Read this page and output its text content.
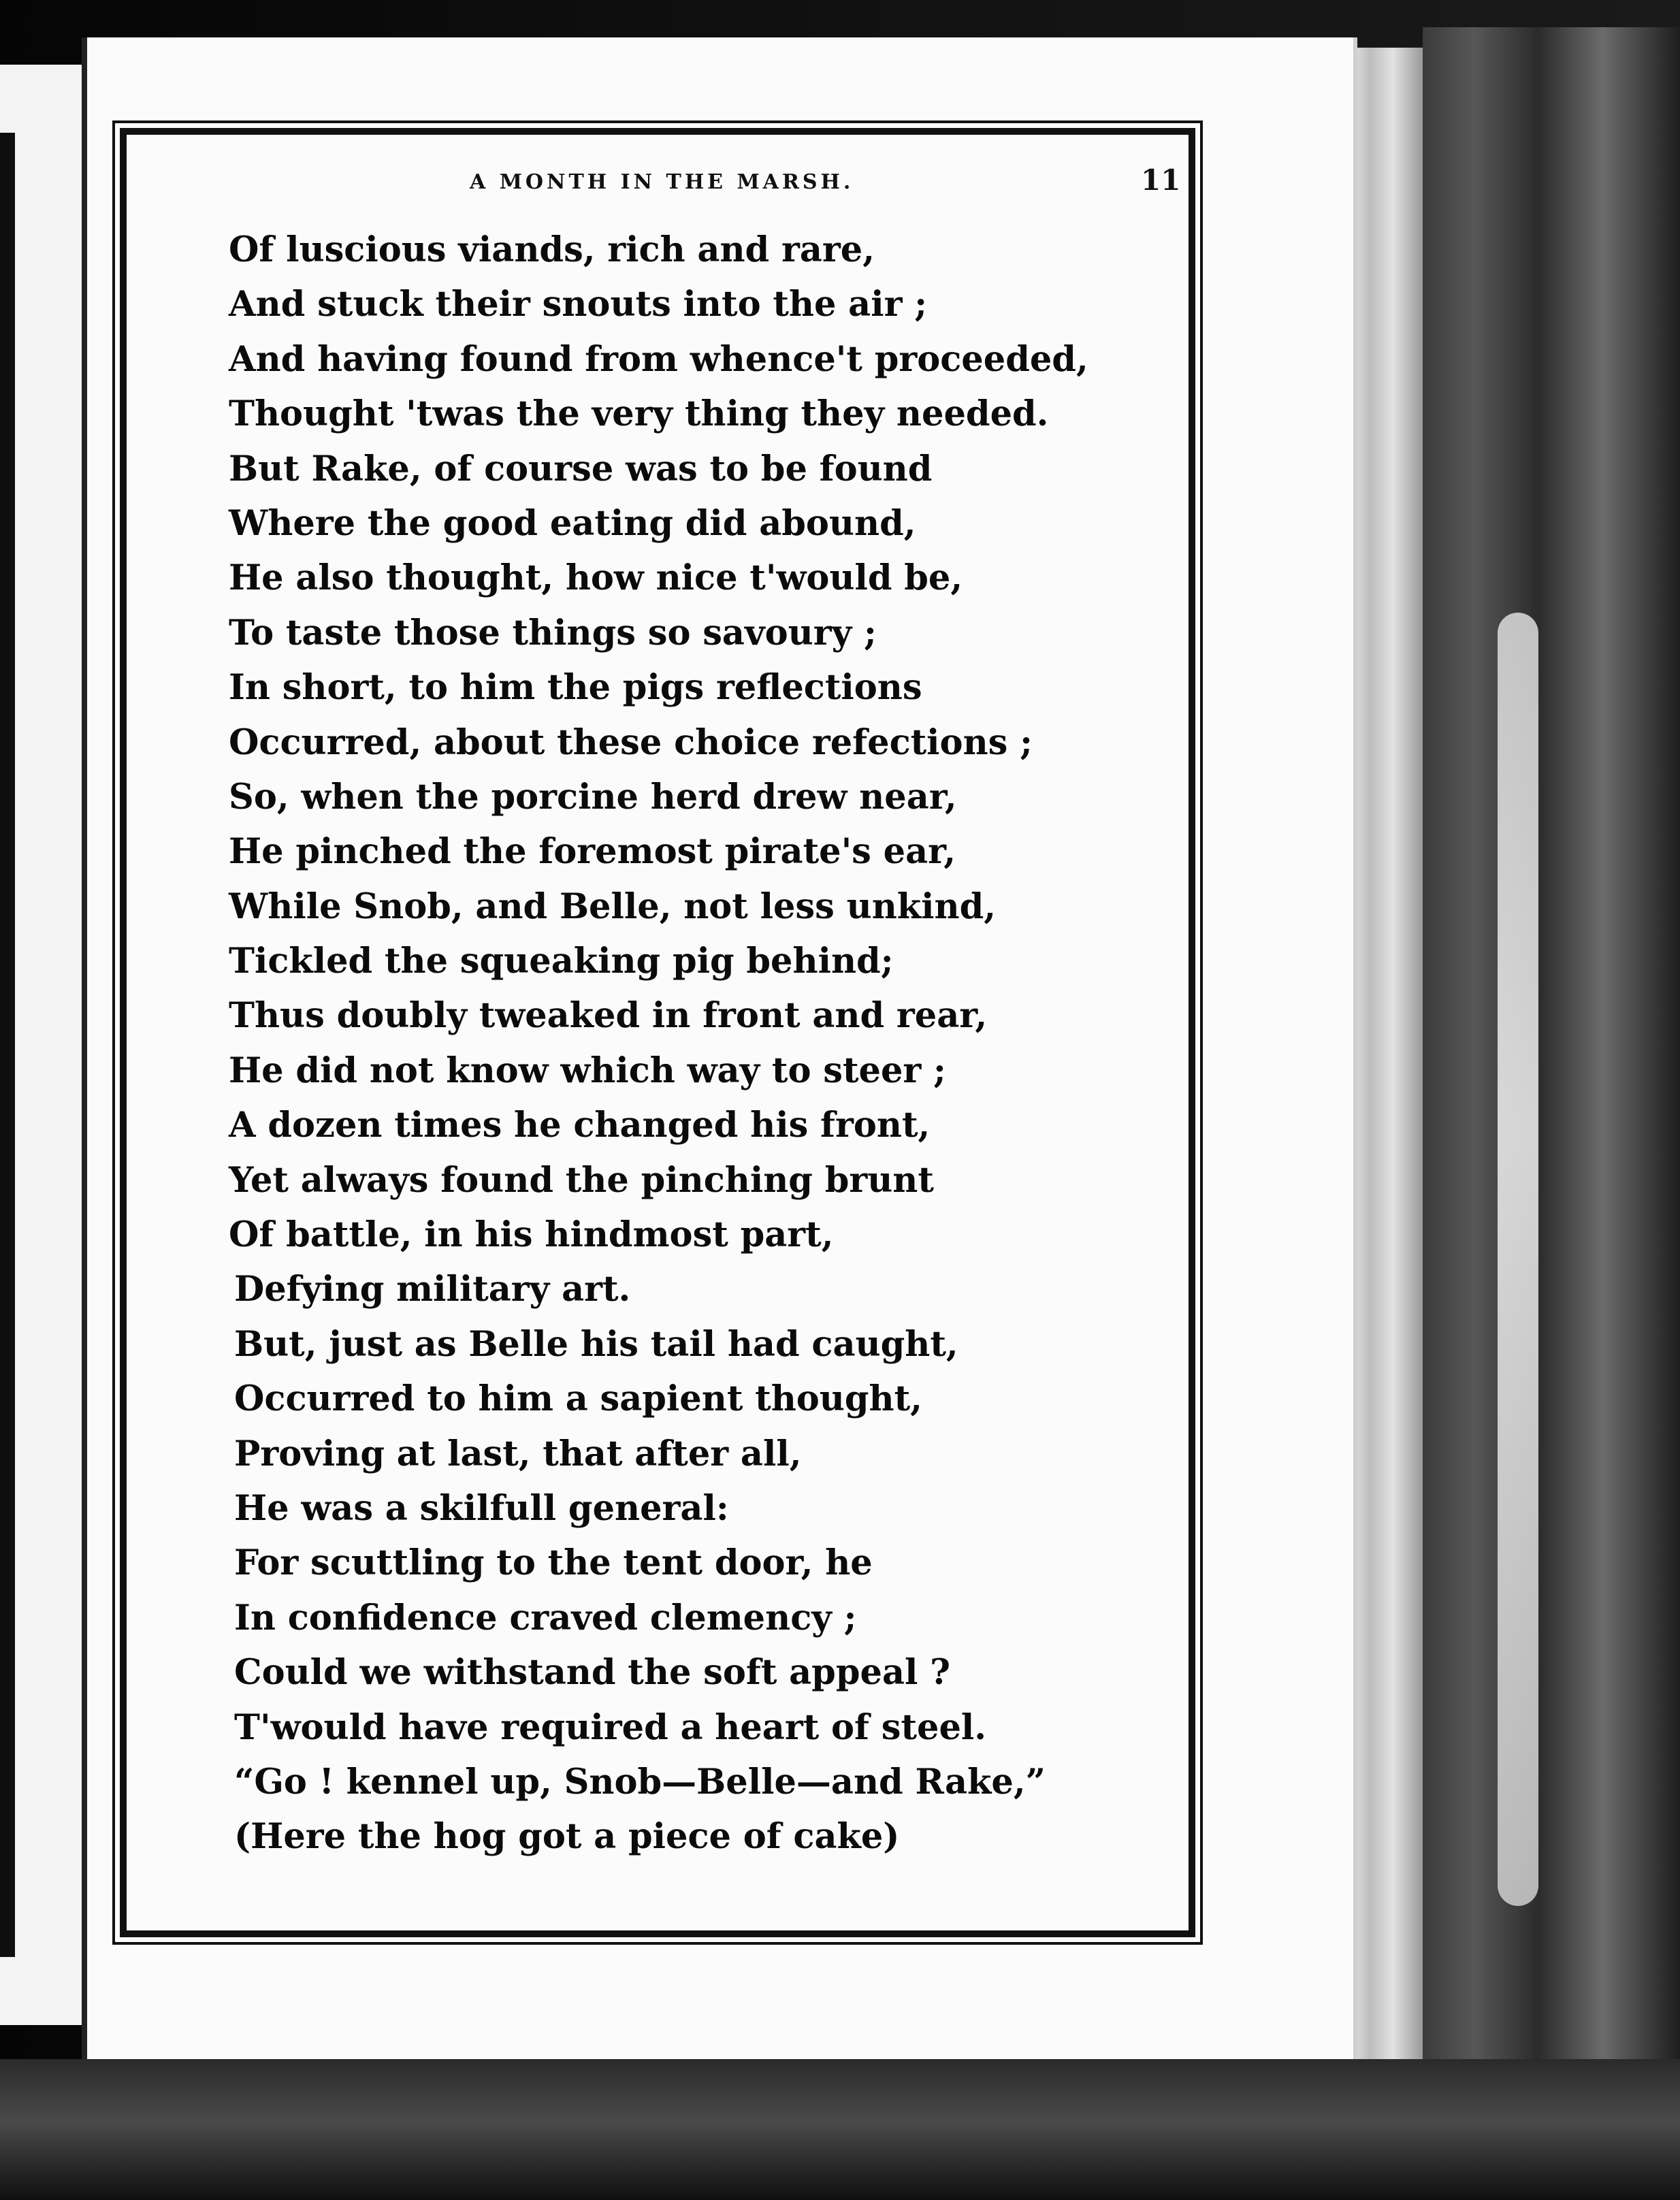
A MONTH IN THE MARSH.	11
Of luscious viands, rich and rare,
And stuck their snouts into the air ;
And having found from whence't proceeded,
Thought 'twas the very thing they needed.
But Rake, of course was to be found
Where the good eating did abound,
He also thought, how nice t'would be,
To taste those things so savoury ;
In short, to him the pigs reflections
Occurred, about these choice refections ;
So, when the porcine herd drew near,
He pinched the foremost pirate's ear,
While Snob, and Belle, not less unkind,
Tickled the squeaking pig behind;
Thus doubly tweaked in front and rear,
He did not know which way to steer ;
A dozen times he changed his front,
Yet always found the pinching brunt
Of battle, in his hindmost part,
Defying military art.
But, just as Belle his tail had caught,
Occurred to him a sapient thought,
Proving at last, that after all,
He was a skilfull general:
For scuttling to the tent door, he
In confidence craved clemency ;
Could we withstand the soft appeal ?
T'would have required a heart of steel.
“Go ! kennel up, Snob—Belle—and Rake,”
(Here the hog got a piece of cake)
